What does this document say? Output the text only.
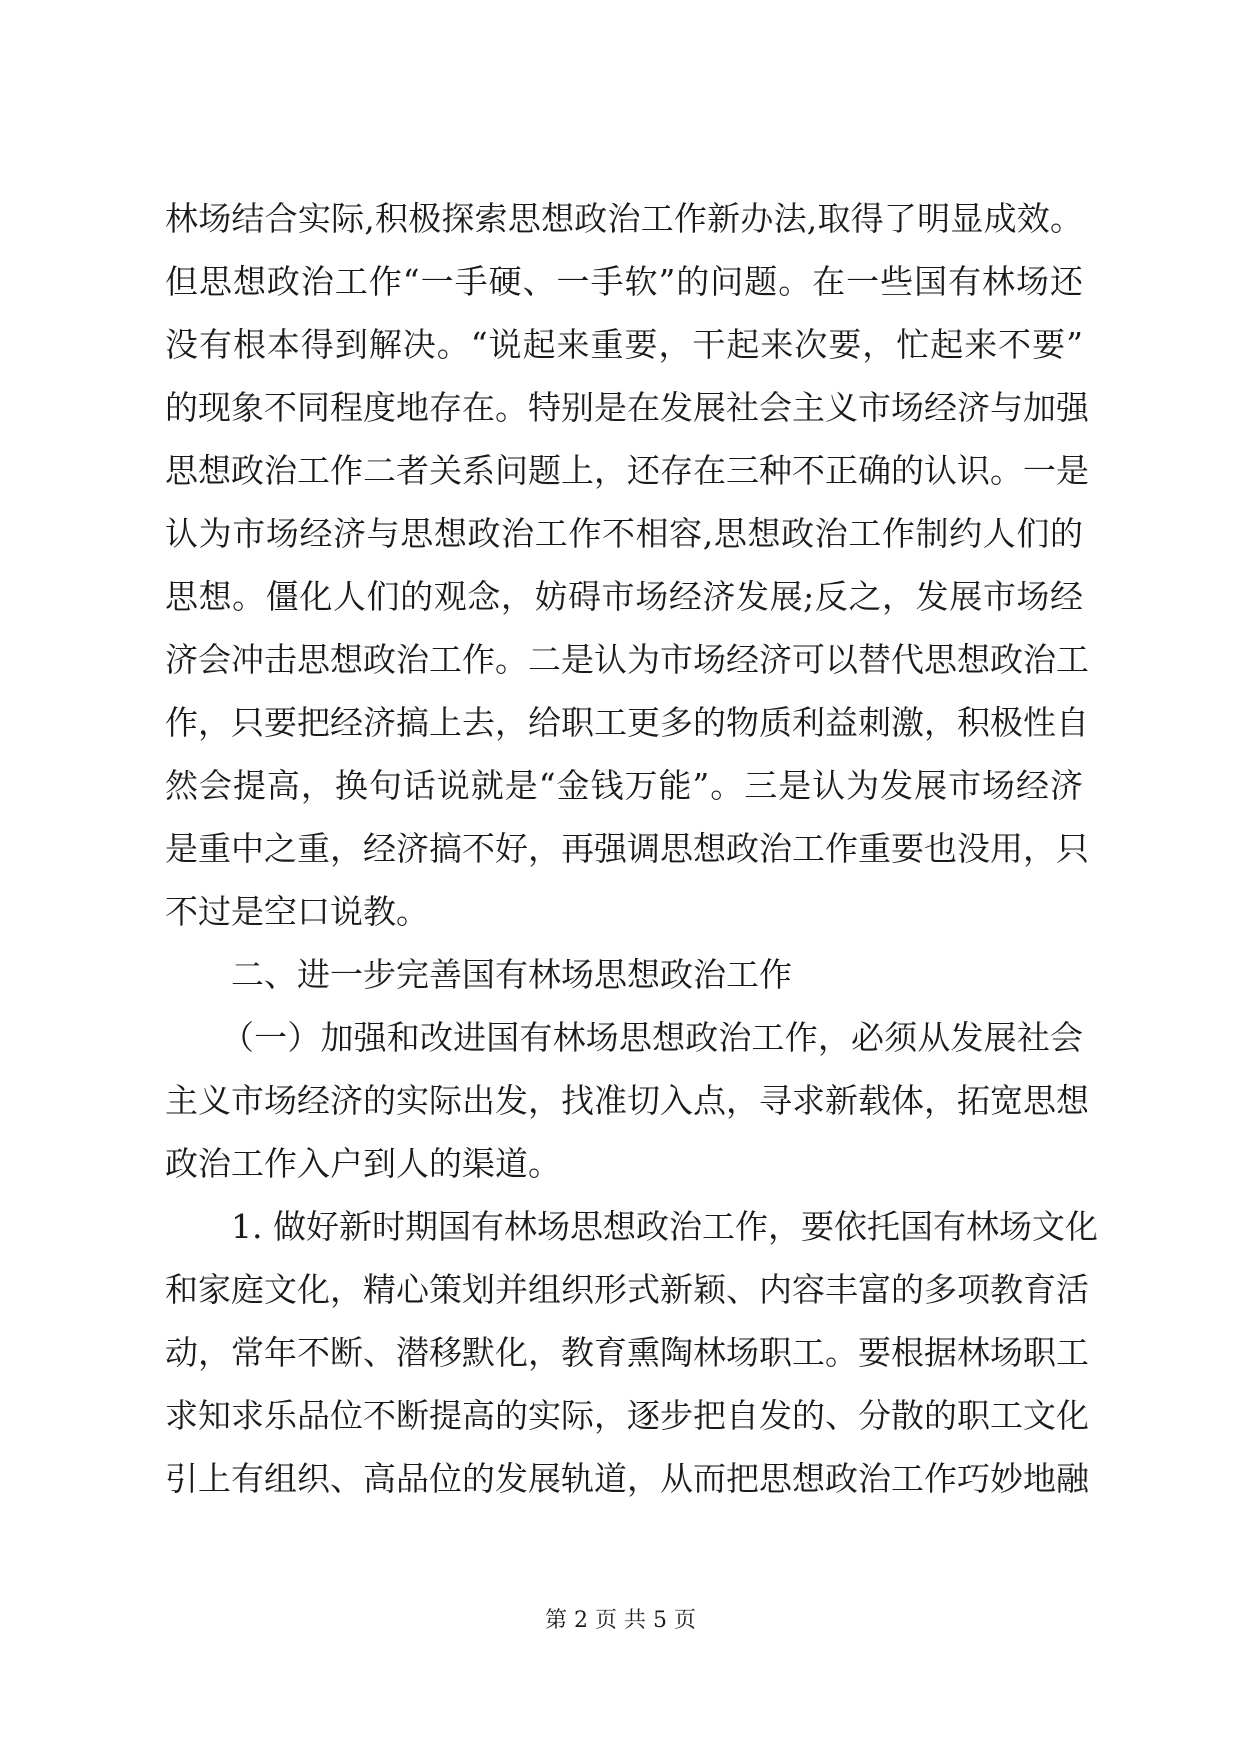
林场结合实际,积极探索思想政治工作新办法,取得了明显成效。
但思想政治工作“一手硬、一手软”的问题。在一些国有林场还
没有根本得到解决。“说起来重要，干起来次要，忙起来不要”
的现象不同程度地存在。特别是在发展社会主义市场经济与加强
思想政治工作二者关系问题上，还存在三种不正确的认识。一是
认为市场经济与思想政治工作不相容,思想政治工作制约人们的
思想。僵化人们的观念，妨碍市场经济发展;反之，发展市场经
济会冲击思想政治工作。二是认为市场经济可以替代思想政治工
作，只要把经济搞上去，给职工更多的物质利益刺激，积极性自
然会提高，换句话说就是“金钱万能”。三是认为发展市场经济
是重中之重，经济搞不好，再强调思想政治工作重要也没用，只
不过是空口说教。
二、进一步完善国有林场思想政治工作
（一）加强和改进国有林场思想政治工作，必须从发展社会
主义市场经济的实际出发，找准切入点，寻求新载体，拓宽思想
政治工作入户到人的渠道。
1. 做好新时期国有林场思想政治工作，要依托国有林场文化
和家庭文化，精心策划并组织形式新颖、内容丰富的多项教育活
动，常年不断、潜移默化，教育熏陶林场职工。要根据林场职工
求知求乐品位不断提高的实际，逐步把自发的、分散的职工文化
引上有组织、高品位的发展轨道，从而把思想政治工作巧妙地融
第 2 页 共 5 页
